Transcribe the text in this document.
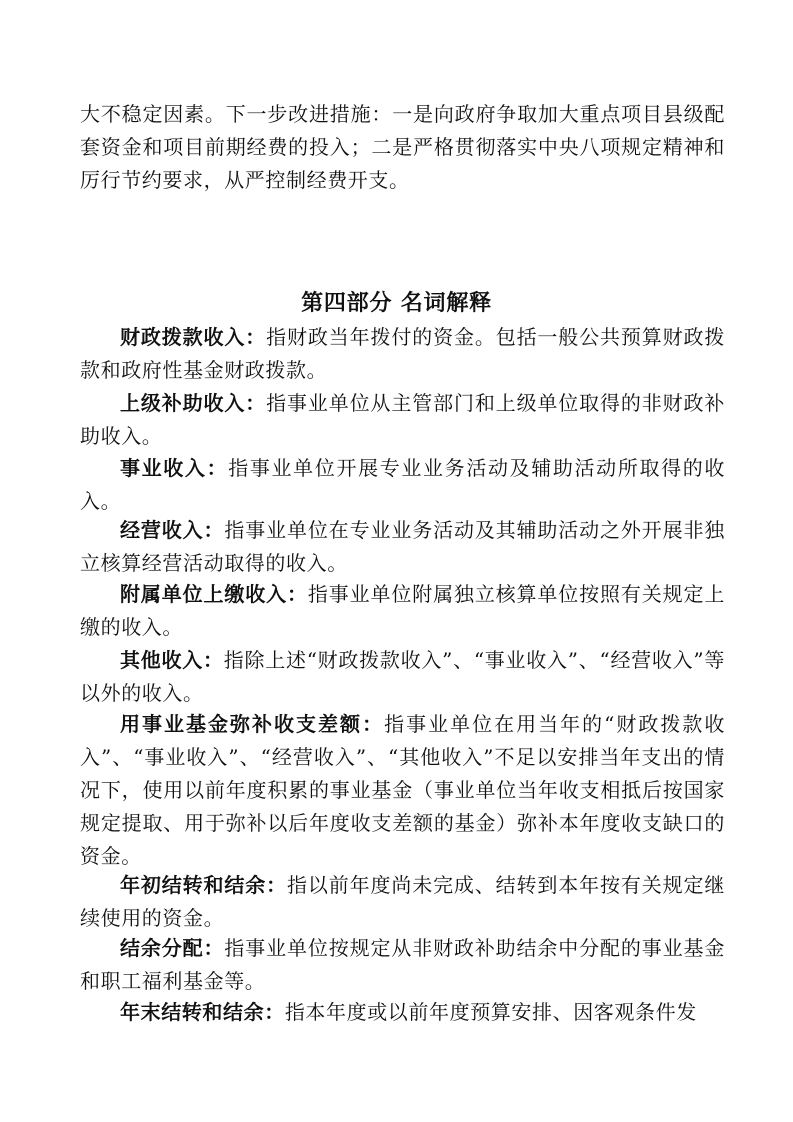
大不稳定因素。下一步改进措施：一是向政府争取加大重点项目县级配套资金和项目前期经费的投入；二是严格贯彻落实中央八项规定精神和厉行节约要求，从严控制经费开支。
第四部分 名词解释
财政拨款收入：指财政当年拨付的资金。包括一般公共预算财政拨款和政府性基金财政拨款。
上级补助收入：指事业单位从主管部门和上级单位取得的非财政补助收入。
事业收入：指事业单位开展专业业务活动及辅助活动所取得的收入。
经营收入：指事业单位在专业业务活动及其辅助活动之外开展非独立核算经营活动取得的收入。
附属单位上缴收入：指事业单位附属独立核算单位按照有关规定上缴的收入。
其他收入：指除上述“财政拨款收入”、“事业收入”、“经营收入”等以外的收入。
用事业基金弥补收支差额：指事业单位在用当年的“财政拨款收入”、“事业收入”、“经营收入”、“其他收入”不足以安排当年支出的情况下，使用以前年度积累的事业基金（事业单位当年收支相抵后按国家规定提取、用于弥补以后年度收支差额的基金）弥补本年度收支缺口的资金。
年初结转和结余：指以前年度尚未完成、结转到本年按有关规定继续使用的资金。
结余分配：指事业单位按规定从非财政补助结余中分配的事业基金和职工福利基金等。
年末结转和结余：指本年度或以前年度预算安排、因客观条件发
